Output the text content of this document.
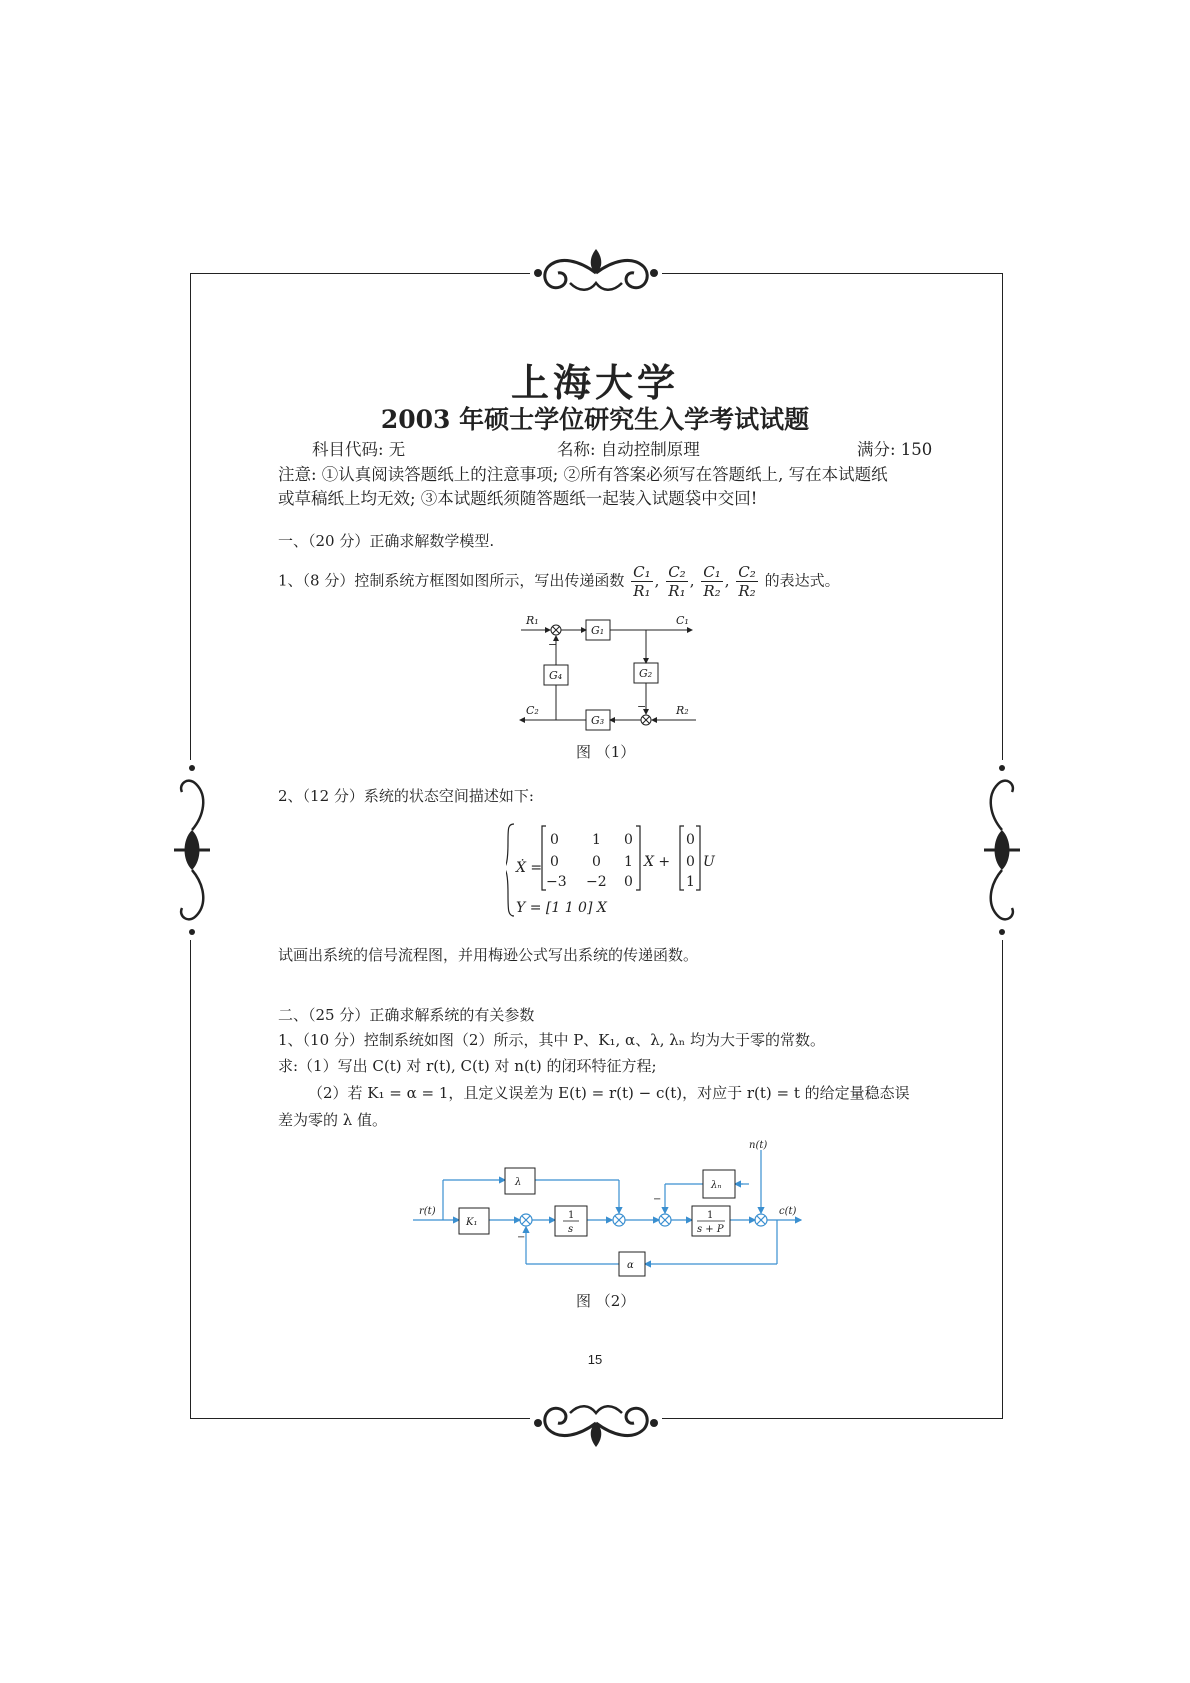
上海大学
2003 年硕士学位研究生入学考试试题
科目代码: 无	名称: 自动控制原理	满分: 150
注意: ①认真阅读答题纸上的注意事项; ②所有答案必须写在答题纸上, 写在本试题纸
或草稿纸上均无效; ③本试题纸须随答题纸一起装入试题袋中交回!
一、（20 分）正确求解数学模型.
1、（8 分）控制系统方框图如图所示，写出传递函数 $\frac{\text{C₁}}{\text{R₁}}$ , $\frac{\text{C₂}}{\text{R₁}}$ , $\frac{\text{C₁}}{\text{R₂}}$ , $\frac{\text{C₂}}{\text{R₂}}$ 的表达式。
R₁	C₁
C₂	R₂
G₁
G₂
G₃
G₄
−
−
图 （1）
2、（12 分）系统的状态空间描述如下:
Ẋ =
0 1 0
0 0 1
−3 −2 0
X +
0
0
1
U
Y = [1 1 0] X
试画出系统的信号流程图，并用梅逊公式写出系统的传递函数。
二、（25 分）正确求解系统的有关参数
1、（10 分）控制系统如图（2）所示，其中 P、K₁, α、λ, λₙ 均为大于零的常数。
求:（1）写出 C(t) 对 r(t), C(t) 对 n(t) 的闭环特征方程;
（2）若 K₁ = α = 1，且定义误差为 E(t) = r(t) − c(t)，对应于 r(t) = t 的给定量稳态误
差为零的 λ 值。
r(t)
n(t)
c(t)
K₁
λ
1
s
1
s + P
λₙ
α
−
−
图 （2）
15
